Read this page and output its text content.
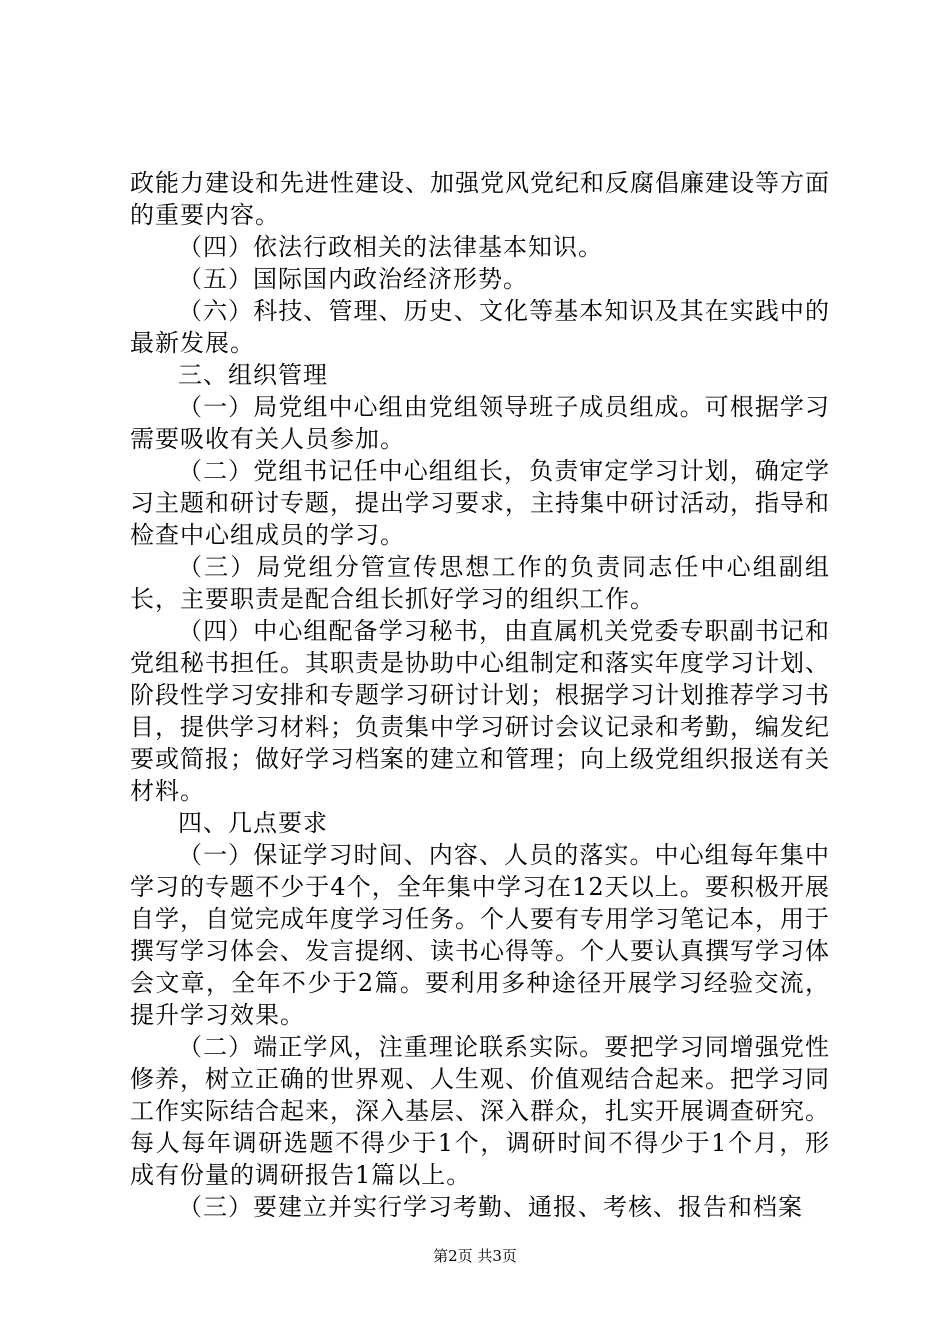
政能力建设和先进性建设、加强党风党纪和反腐倡廉建设等方面的重要内容。

（四）依法行政相关的法律基本知识。

（五）国际国内政治经济形势。

（六）科技、管理、历史、文化等基本知识及其在实践中的最新发展。

三、组织管理

（一）局党组中心组由党组领导班子成员组成。可根据学习需要吸收有关人员参加。

（二）党组书记任中心组组长，负责审定学习计划，确定学习主题和研讨专题，提出学习要求，主持集中研讨活动，指导和检查中心组成员的学习。

（三）局党组分管宣传思想工作的负责同志任中心组副组长，主要职责是配合组长抓好学习的组织工作。

（四）中心组配备学习秘书，由直属机关党委专职副书记和党组秘书担任。其职责是协助中心组制定和落实年度学习计划、阶段性学习安排和专题学习研讨计划；根据学习计划推荐学习书目，提供学习材料；负责集中学习研讨会议记录和考勤，编发纪要或简报；做好学习档案的建立和管理；向上级党组织报送有关材料。

四、几点要求

（一）保证学习时间、内容、人员的落实。中心组每年集中学习的专题不少于4个，全年集中学习在12天以上。要积极开展自学，自觉完成年度学习任务。个人要有专用学习笔记本，用于撰写学习体会、发言提纲、读书心得等。个人要认真撰写学习体会文章，全年不少于2篇。要利用多种途径开展学习经验交流，提升学习效果。

（二）端正学风，注重理论联系实际。要把学习同增强党性修养，树立正确的世界观、人生观、价值观结合起来。把学习同工作实际结合起来，深入基层、深入群众，扎实开展调查研究。每人每年调研选题不得少于1个，调研时间不得少于1个月，形成有份量的调研报告1篇以上。

（三）要建立并实行学习考勤、通报、考核、报告和档案

第2页 共3页
